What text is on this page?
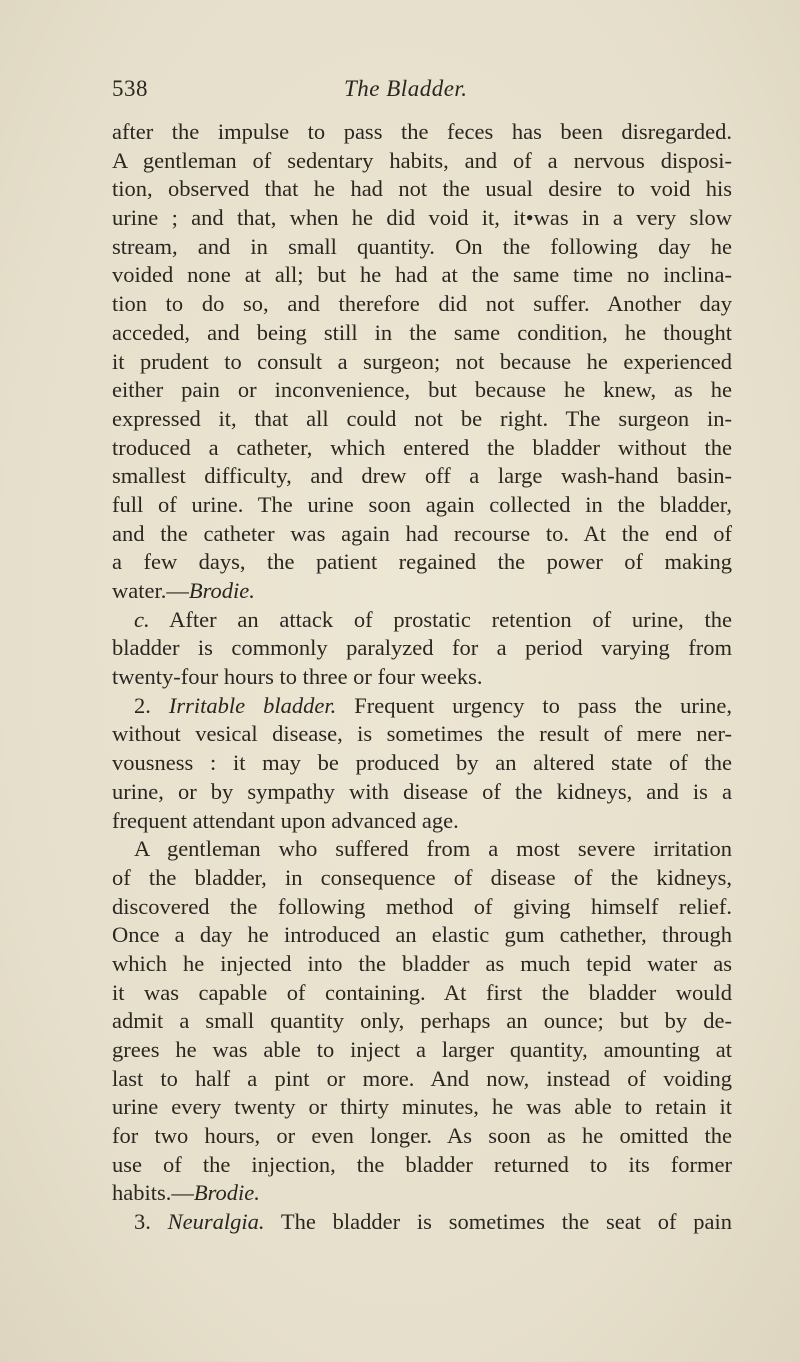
538	The Bladder.
after the impulse to pass the feces has been disregarded.
A gentleman of sedentary habits, and of a nervous disposi-
tion, observed that he had not the usual desire to void his
urine ; and that, when he did void it, it•was in a very slow
stream, and in small quantity. On the following day he
voided none at all; but he had at the same time no inclina-
tion to do so, and therefore did not suffer. Another day
acceded, and being still in the same condition, he thought
it prudent to consult a surgeon; not because he experienced
either pain or inconvenience, but because he knew, as he
expressed it, that all could not be right. The surgeon in-
troduced a catheter, which entered the bladder without the
smallest difficulty, and drew off a large wash-hand basin-
full of urine. The urine soon again collected in the bladder,
and the catheter was again had recourse to. At the end of
a few days, the patient regained the power of making
water.—Brodie.
c. After an attack of prostatic retention of urine, the
bladder is commonly paralyzed for a period varying from
twenty-four hours to three or four weeks.
2. Irritable bladder. Frequent urgency to pass the urine,
without vesical disease, is sometimes the result of mere ner-
vousness : it may be produced by an altered state of the
urine, or by sympathy with disease of the kidneys, and is a
frequent attendant upon advanced age.
A gentleman who suffered from a most severe irritation
of the bladder, in consequence of disease of the kidneys,
discovered the following method of giving himself relief.
Once a day he introduced an elastic gum cathether, through
which he injected into the bladder as much tepid water as
it was capable of containing. At first the bladder would
admit a small quantity only, perhaps an ounce; but by de-
grees he was able to inject a larger quantity, amounting at
last to half a pint or more. And now, instead of voiding
urine every twenty or thirty minutes, he was able to retain it
for two hours, or even longer. As soon as he omitted the
use of the injection, the bladder returned to its former
habits.—Brodie.
3. Neuralgia. The bladder is sometimes the seat of pain
